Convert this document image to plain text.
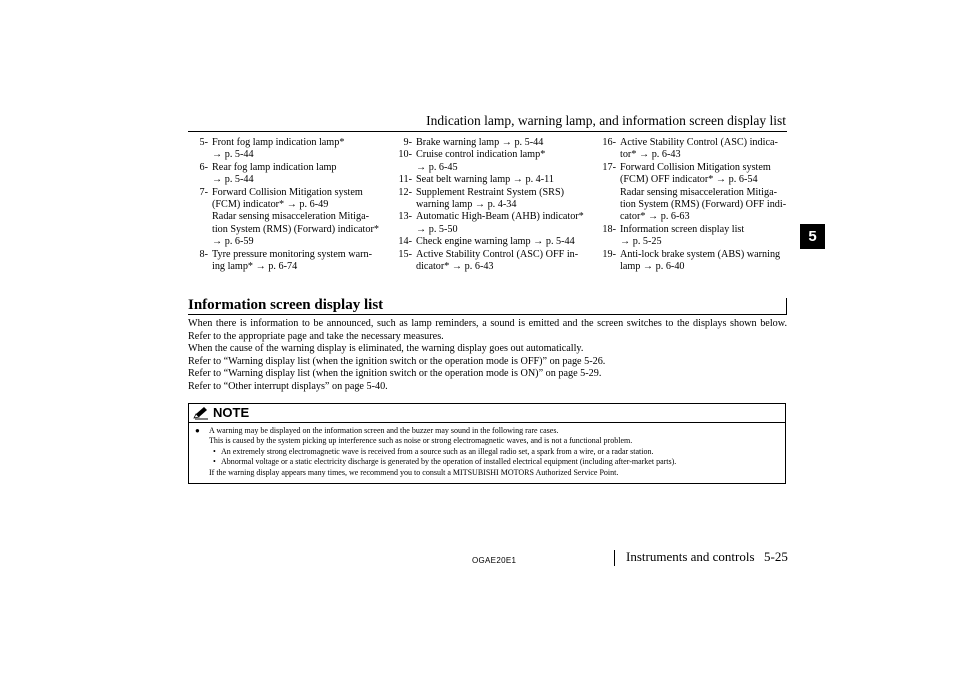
Indication lamp, warning lamp, and information screen display list
5
5- Front fog lamp indication lamp*
→ p. 5-44
6- Rear fog lamp indication lamp
→ p. 5-44
7- Forward Collision Mitigation system
(FCM) indicator* → p. 6-49
Radar sensing misacceleration Mitiga-
tion System (RMS) (Forward) indicator*
→ p. 6-59
8- Tyre pressure monitoring system warn-
ing lamp* → p. 6-74
9- Brake warning lamp → p. 5-44
10- Cruise control indication lamp*
→ p. 6-45
11- Seat belt warning lamp → p. 4-11
12- Supplement Restraint System (SRS)
warning lamp → p. 4-34
13- Automatic High-Beam (AHB) indicator*
→ p. 5-50
14- Check engine warning lamp → p. 5-44
15- Active Stability Control (ASC) OFF in-
dicator* → p. 6-43
16- Active Stability Control (ASC) indica-
tor* → p. 6-43
17- Forward Collision Mitigation system
(FCM) OFF indicator* → p. 6-54
Radar sensing misacceleration Mitiga-
tion System (RMS) (Forward) OFF indi-
cator* → p. 6-63
18- Information screen display list
→ p. 5-25
19- Anti-lock brake system (ABS) warning
lamp → p. 6-40
Information screen display list

When there is information to be announced, such as lamp reminders, a sound is emitted and the screen switches to the displays shown below.

Refer to the appropriate page and take the necessary measures.

When the cause of the warning display is eliminated, the warning display goes out automatically.

Refer to “Warning display list (when the ignition switch or the operation mode is OFF)” on page 5-26.

Refer to “Warning display list (when the ignition switch or the operation mode is ON)” on page 5-29.

Refer to “Other interrupt displays” on page 5-40.

NOTE
●	A warning may be displayed on the information screen and the buzzer may sound in the following rare cases.
This is caused by the system picking up interference such as noise or strong electromagnetic waves, and is not a functional problem.
• An extremely strong electromagnetic wave is received from a source such as an illegal radio set, a spark from a wire, or a radar station.
• Abnormal voltage or a static electricity discharge is generated by the operation of installed electrical equipment (including after-market parts).
If the warning display appears many times, we recommend you to consult a MITSUBISHI MOTORS Authorized Service Point.
OGAE20E1	Instruments and controls 5-25
